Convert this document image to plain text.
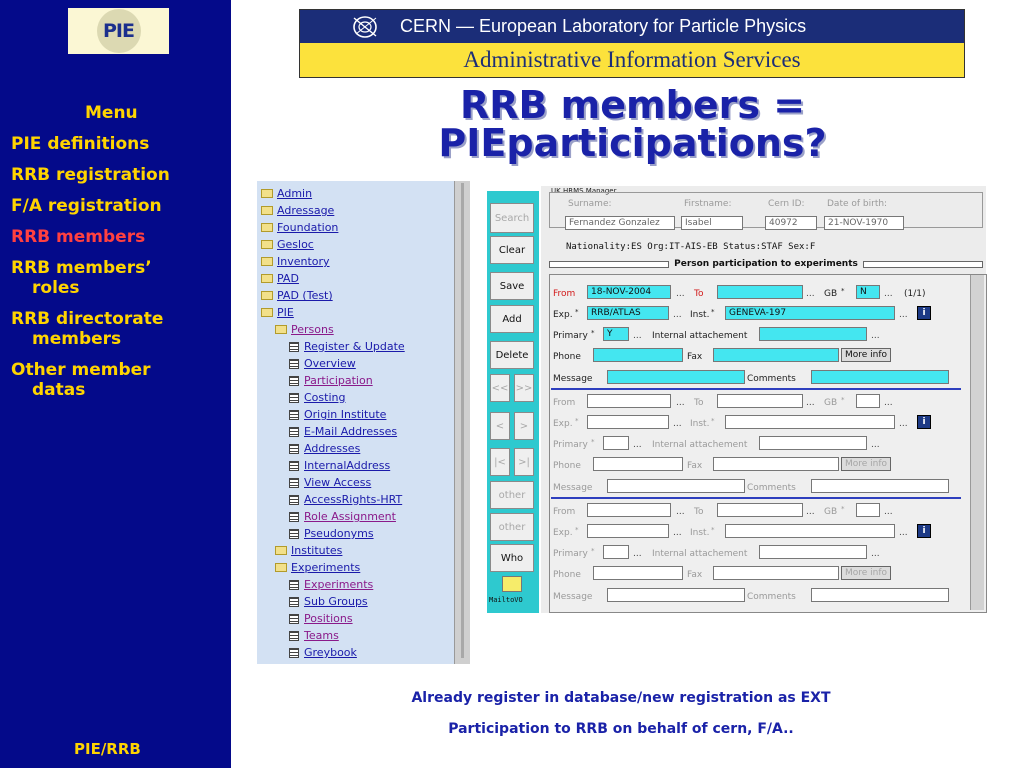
PIE
Menu
PIE definitions
RRB registration
F/A registration
RRB members
RRB members’
roles
RRB directorate
members
Other member
datas
PIE/RRB
CERN — European Laboratory for Particle Physics
Administrative Information Services
RRB members =
PIEparticipations?
Admin
Adressage
Foundation
Gesloc
Inventory
PAD
PAD (Test)
PIE
Persons
Register & Update
Overview
Participation
Costing
Origin Institute
E-Mail Addresses
Addresses
InternalAddress
View Access
AccessRights-HRT
Role Assignment
Pseudonyms
Institutes
Experiments
Experiments
Sub Groups
Positions
Teams
Greybook
Search
Clear
Save
Add
Delete
<< >>
<	>
|<	>|
other
other
Who
MailtoVO
UK HRMS Manager
Surname:	Firstname:	Cern ID: Date of birth:
Fernandez Gonzalez	Isabel	40972	21-NOV-1970
Nationality:ES Org:IT-AIS-EB Status:STAF Sex:F
Person participation to experiments
From	18-NOV-2004	... To	... GB *	N	... (1/1)
Exp. *	RRB/ATLAS	... Inst. *	GENEVA-197	...	i
Primary *	Y	... Internal attachement	...
Phone	Fax	More info
Message	Comments
From	... To	... GB *	...
Exp. *	... Inst. *	...	i
Primary *	... Internal attachement	...
Phone	Fax	More info
Message	Comments
From	... To	... GB *	...
Exp. *	... Inst. *	...	i
Primary *	... Internal attachement	...
Phone	Fax	More info
Message	Comments
Already register in database/new registration as EXT
Participation to RRB on behalf of cern, F/A..
